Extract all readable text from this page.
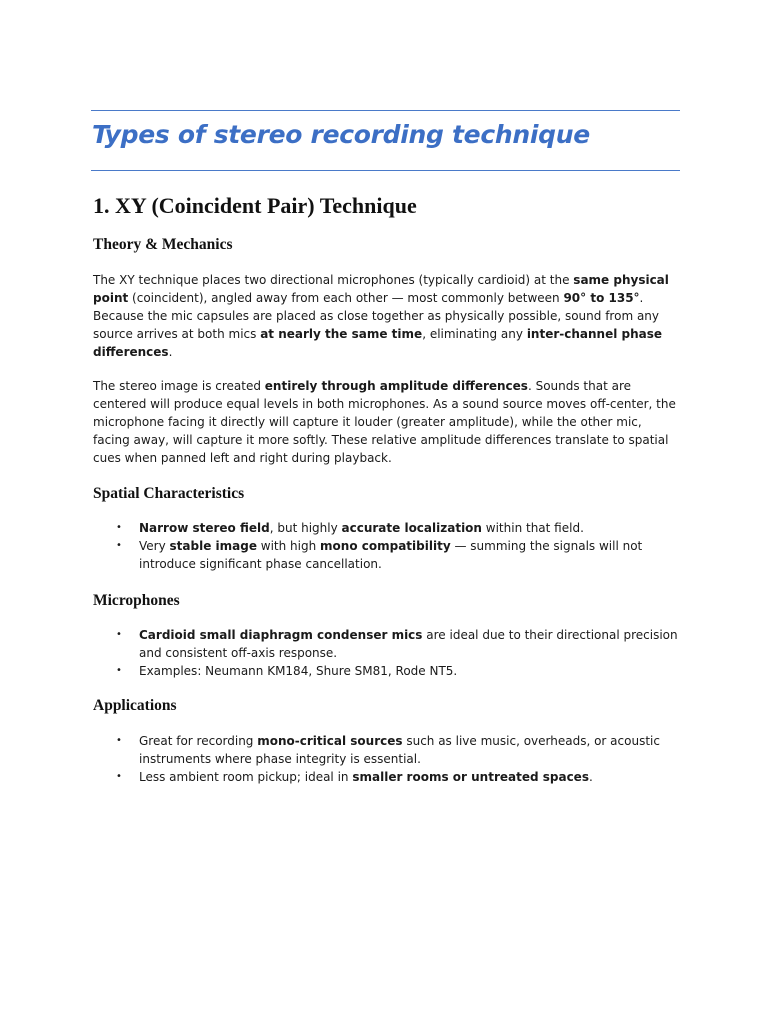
Types of stereo recording technique
1. XY (Coincident Pair) Technique
Theory & Mechanics

The XY technique places two directional microphones (typically cardioid) at the same physical point (coincident), angled away from each other — most commonly between 90° to 135°. Because the mic capsules are placed as close together as physically possible, sound from any source arrives at both mics at nearly the same time, eliminating any inter-channel phase differences.

The stereo image is created entirely through amplitude differences. Sounds that are centered will produce equal levels in both microphones. As a sound source moves off-center, the microphone facing it directly will capture it louder (greater amplitude), while the other mic, facing away, will capture it more softly. These relative amplitude differences translate to spatial cues when panned left and right during playback.

Spatial Characteristics
• Narrow stereo field, but highly accurate localization within that field.
• Very stable image with high mono compatibility — summing the signals will not introduce significant phase cancellation.
Microphones
• Cardioid small diaphragm condenser mics are ideal due to their directional precision and consistent off-axis response.
• Examples: Neumann KM184, Shure SM81, Rode NT5.
Applications
• Great for recording mono-critical sources such as live music, overheads, or acoustic instruments where phase integrity is essential.
• Less ambient room pickup; ideal in smaller rooms or untreated spaces.
